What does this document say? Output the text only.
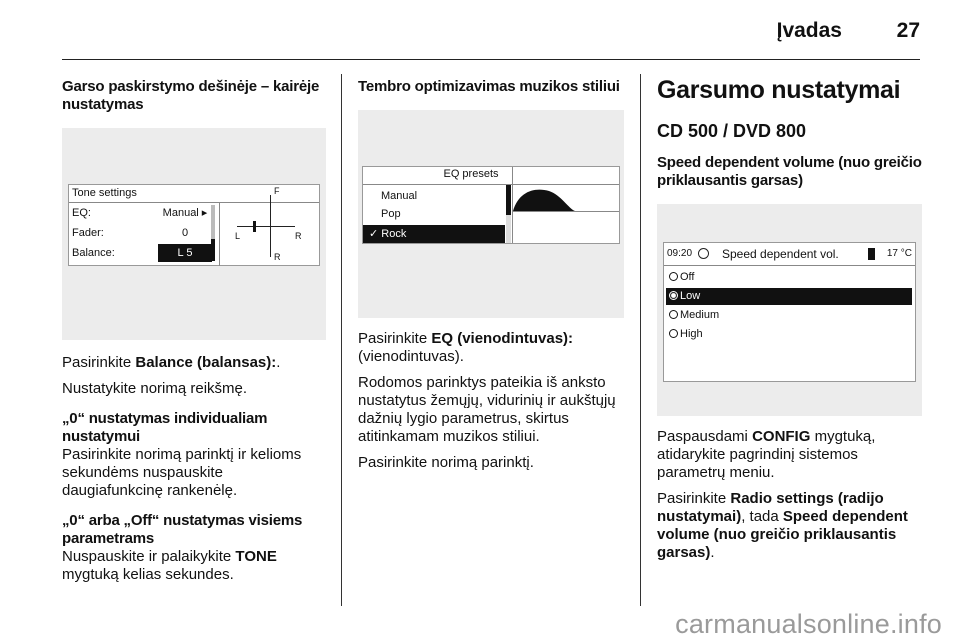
Įvadas	27
Garso paskirstymo dešinėje – kairėje nustatymas
Tone settings
EQ:	Manual ▸
Fader:	0
Balance:	L 5
F
L	R
R
Pasirinkite Balance (balansas):.
Nustatykite norimą reikšmę.
„0“ nustatymas individualiam nustatymui
Pasirinkite norimą parinktį ir kelioms sekundėms nuspauskite daugiafunkcinę rankenėlę.
„0“ arba „Off“ nustatymas visiems parametrams
Nuspauskite ir palaikykite TONE mygtuką kelias sekundes.
Tembro optimizavimas muzikos stiliui
EQ presets
Manual
Pop
✓ Rock
Pasirinkite EQ (vienodintuvas): (vienodintuvas).
Rodomos parinktys pateikia iš anksto nustatytus žemųjų, vidurinių ir aukštųjų dažnių lygio parametrus, skirtus atitinkamam muzikos stiliui.
Pasirinkite norimą parinktį.
Garsumo nustatymai
CD 500 / DVD 800
Speed dependent volume (nuo greičio priklausantis garsas)
09:20 Speed dependent vol.	17 °C
Off
Low
Medium
High
Paspausdami CONFIG mygtuką, atidarykite pagrindinį sistemos parametrų meniu.
Pasirinkite Radio settings (radijo nustatymai), tada Speed dependent volume (nuo greičio priklausantis garsas).
carmanualsonline.info
